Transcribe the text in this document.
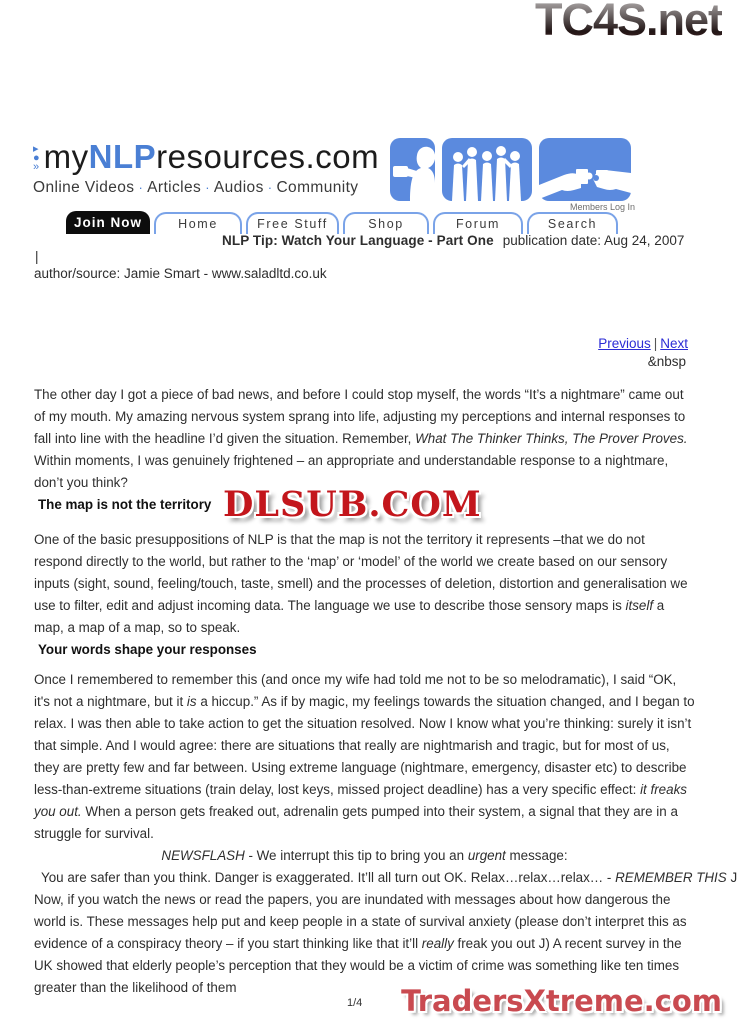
TC4S.net
DLSUB.COM
TradersXtreme.com
▸
●
» myNLPresources.com
Online Videos · Articles · Audios · Community
Members Log In
Join Now	Home	Free Stuff	Shop	Forum	Search
NLP Tip: Watch Your Language - Part One publication date: Aug 24, 2007
|
author/source: Jamie Smart - www.saladltd.co.uk
Previous | Next
&nbsp

The other day I got a piece of bad news, and before I could stop myself, the words “It’s a nightmare” came out of my mouth. My amazing nervous system sprang into life, adjusting my perceptions and internal responses to fall into line with the headline I’d given the situation. Remember, What The Thinker Thinks, The Prover Proves. Within moments, I was genuinely frightened – an appropriate and understandable response to a nightmare, don’t you think?

The map is not the territory

One of the basic presuppositions of NLP is that the map is not the territory it represents –that we do not respond directly to the world, but rather to the ‘map’ or ‘model’ of the world we create based on our sensory inputs (sight, sound, feeling/touch, taste, smell) and the processes of deletion, distortion and generalisation we use to filter, edit and adjust incoming data. The language we use to describe those sensory maps is itself a map, a map of a map, so to speak.

Your words shape your responses

Once I remembered to remember this (and once my wife had told me not to be so melodramatic), I said “OK, it's not a nightmare, but it is a hiccup.” As if by magic, my feelings towards the situation changed, and I began to relax. I was then able to take action to get the situation resolved. Now I know what you’re thinking: surely it isn’t that simple. And I would agree: there are situations that really are nightmarish and tragic, but for most of us, they are pretty few and far between. Using extreme language (nightmare, emergency, disaster etc) to describe less-than-extreme situations (train delay, lost keys, missed project deadline) has a very specific effect: it freaks you out. When a person gets freaked out, adrenalin gets pumped into their system, a signal that they are in a struggle for survival.

NEWSFLASH - We interrupt this tip to bring you an urgent message:

You are safer than you think. Danger is exaggerated. It’ll all turn out OK. Relax…relax…relax… - REMEMBER THIS J

Now, if you watch the news or read the papers, you are inundated with messages about how dangerous the world is. These messages help put and keep people in a state of survival anxiety (please don’t interpret this as evidence of a conspiracy theory – if you start thinking like that it’ll really freak you out J) A recent survey in the UK showed that elderly people’s perception that they would be a victim of crime was something like ten times greater than the likelihood of them

1/4
